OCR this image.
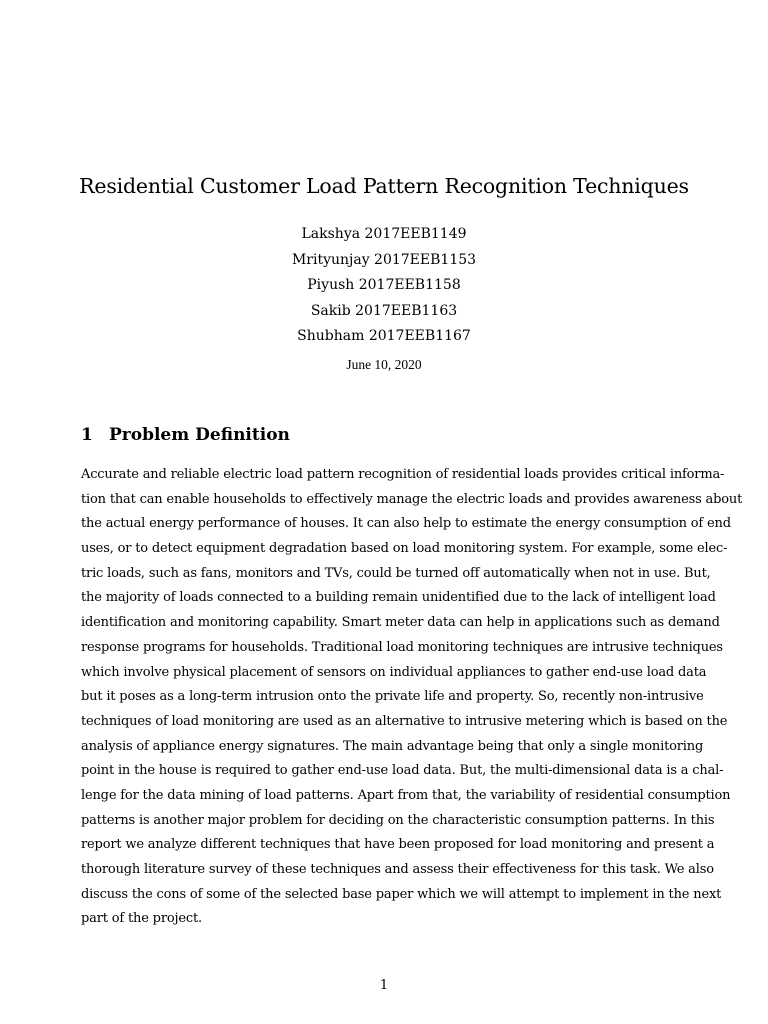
Residential Customer Load Pattern Recognition Techniques
Lakshya 2017EEB1149
Mrityunjay 2017EEB1153
Piyush 2017EEB1158
Sakib 2017EEB1163
Shubham 2017EEB1167
June 10, 2020
1 Problem Definition
Accurate and reliable electric load pattern recognition of residential loads provides critical informa-
tion that can enable households to effectively manage the electric loads and provides awareness about
the actual energy performance of houses. It can also help to estimate the energy consumption of end
uses, or to detect equipment degradation based on load monitoring system. For example, some elec-
tric loads, such as fans, monitors and TVs, could be turned off automatically when not in use. But,
the majority of loads connected to a building remain unidentified due to the lack of intelligent load
identification and monitoring capability. Smart meter data can help in applications such as demand
response programs for households. Traditional load monitoring techniques are intrusive techniques
which involve physical placement of sensors on individual appliances to gather end-use load data
but it poses as a long-term intrusion onto the private life and property. So, recently non-intrusive
techniques of load monitoring are used as an alternative to intrusive metering which is based on the
analysis of appliance energy signatures. The main advantage being that only a single monitoring
point in the house is required to gather end-use load data. But, the multi-dimensional data is a chal-
lenge for the data mining of load patterns. Apart from that, the variability of residential consumption
patterns is another major problem for deciding on the characteristic consumption patterns. In this
report we analyze different techniques that have been proposed for load monitoring and present a
thorough literature survey of these techniques and assess their effectiveness for this task. We also
discuss the cons of some of the selected base paper which we will attempt to implement in the next
part of the project.
1
